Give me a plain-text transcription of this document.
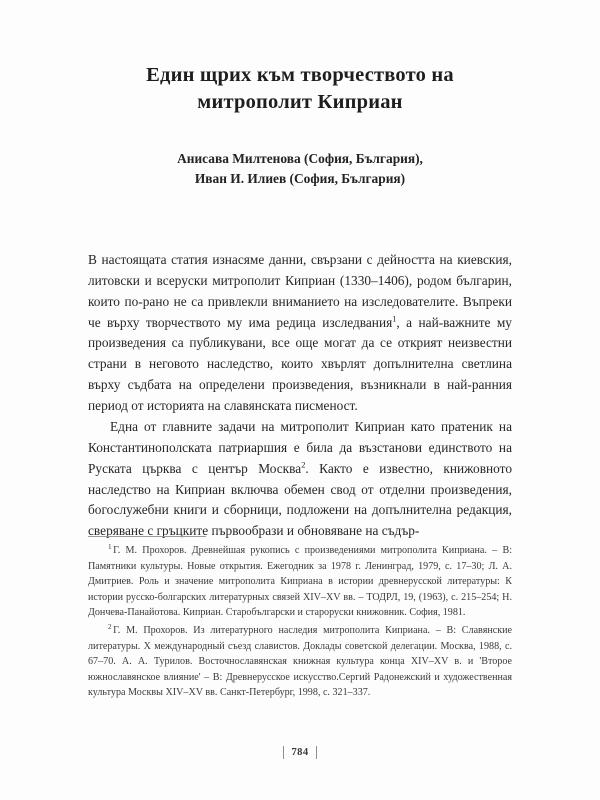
Един щрих към творчеството на
митрополит Киприан
Анисава Милтенова (София, България),
Иван И. Илиев (София, България)

В настоящата статия изнасяме данни, свързани с дейността на киевския, литовски и всеруски митрополит Киприан (1330–1406), родом българин, които по-рано не са привлекли вниманието на изследователите. Въпреки че върху творчеството му има редица изследвания$^1$, а най-важните му произведения са публикувани, все още могат да се открият неизвестни страни в неговото наследство, които хвърлят допълнителна светлина върху съдбата на определени произведения, възникнали в най-ранния период от историята на славянската писменост.

Една от главните задачи на митрополит Киприан като пратеник на Константинополската патриаршия е била да възстанови единството на Руската църква с център Москва$^2$. Както е известно, книжовното наследство на Киприан включва обемен свод от отделни произведения, богослужебни книги и сборници, подложени на допълнителна редакция, сверяване с гръцките първообрази и обновяване на съдър-

$^1$ Г. М. Прохоров. Древнейшая рукопись с произведениями митрополита Киприана. – В: Памятники культуры. Новые открытия. Ежегодник за 1978 г. Ленинград, 1979, с. 17–30; Л. А. Дмитриев. Роль и значение митрополита Киприана в истории древнерусской литературы: К истории русско-болгарских литературных связей XIV–XV вв. – ТОДРЛ, 19, (1963), с. 215–254; Н. Дончева-Панайотова. Киприан. Старобългарски и староруски книжовник. София, 1981.

$^2$ Г. М. Прохоров. Из литературного наследия митрополита Киприана. – В: Славянские литературы. X международный съезд славистов. Доклады советской делегации. Москва, 1988, с. 67–70. А. А. Турилов. Восточнославянская книжная культура конца XIV–XV в. и 'Второе южнославянское влияние' – В: Древнерусское искусство.Сергий Радонежский и художественная культура Москвы XIV–XV вв. Санкт-Петербург, 1998, с. 321–337.

784
